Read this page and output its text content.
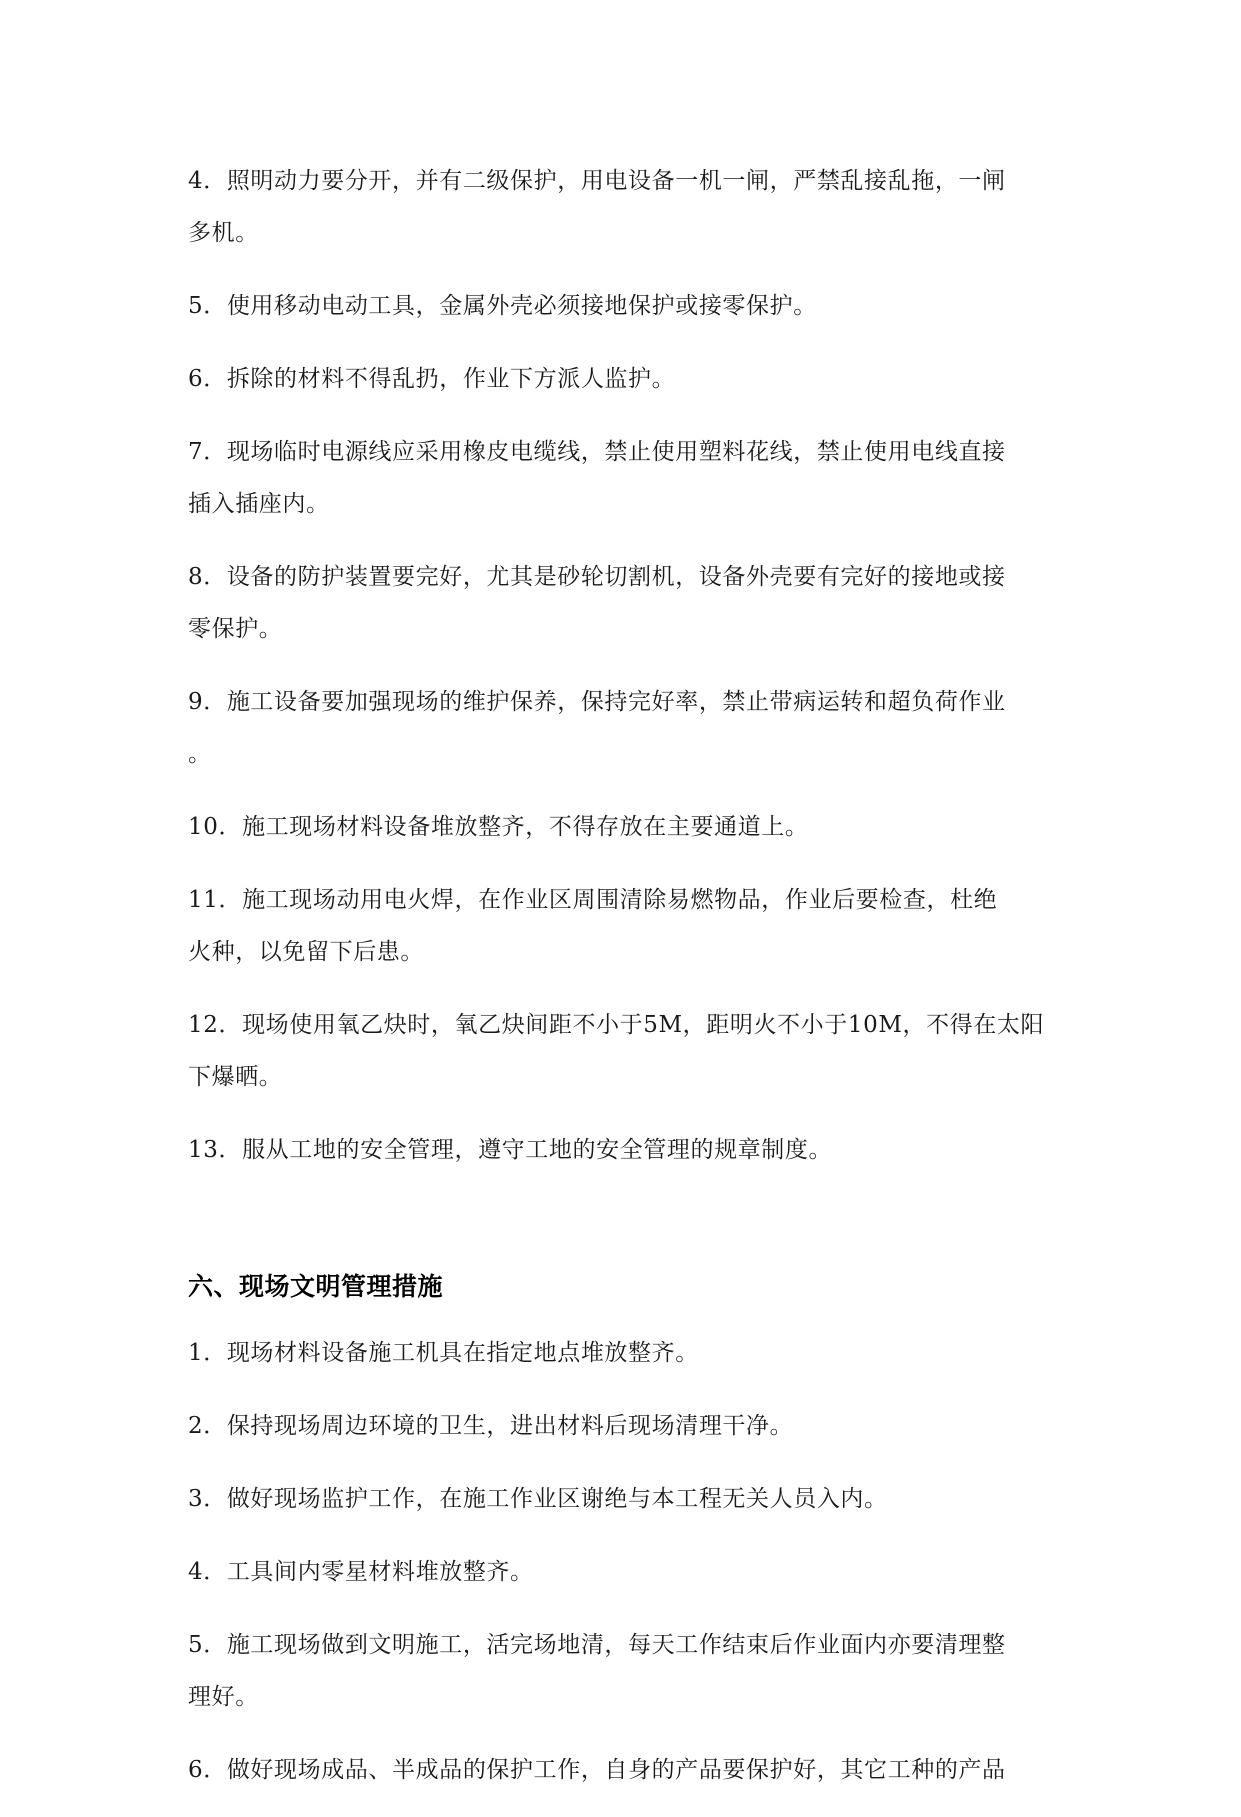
4．照明动力要分开，并有二级保护，用电设备一机一闸，严禁乱接乱拖，一闸
多机。

5．使用移动电动工具，金属外壳必须接地保护或接零保护。

6．拆除的材料不得乱扔，作业下方派人监护。

7．现场临时电源线应采用橡皮电缆线，禁止使用塑料花线，禁止使用电线直接
插入插座内。

8．设备的防护装置要完好，尤其是砂轮切割机，设备外壳要有完好的接地或接
零保护。

9．施工设备要加强现场的维护保养，保持完好率，禁止带病运转和超负荷作业
。

10．施工现场材料设备堆放整齐，不得存放在主要通道上。

11．施工现场动用电火焊，在作业区周围清除易燃物品，作业后要检查，杜绝
火种，以免留下后患。

12．现场使用氧乙炔时，氧乙炔间距不小于5M，距明火不小于10M，不得在太阳
下爆晒。

13．服从工地的安全管理，遵守工地的安全管理的规章制度。

六、现场文明管理措施

1．现场材料设备施工机具在指定地点堆放整齐。

2．保持现场周边环境的卫生，进出材料后现场清理干净。

3．做好现场监护工作，在施工作业区谢绝与本工程无关人员入内。

4．工具间内零星材料堆放整齐。

5．施工现场做到文明施工，活完场地清，每天工作结束后作业面内亦要清理整
理好。

6．做好现场成品、半成品的保护工作，自身的产品要保护好，其它工种的产品
